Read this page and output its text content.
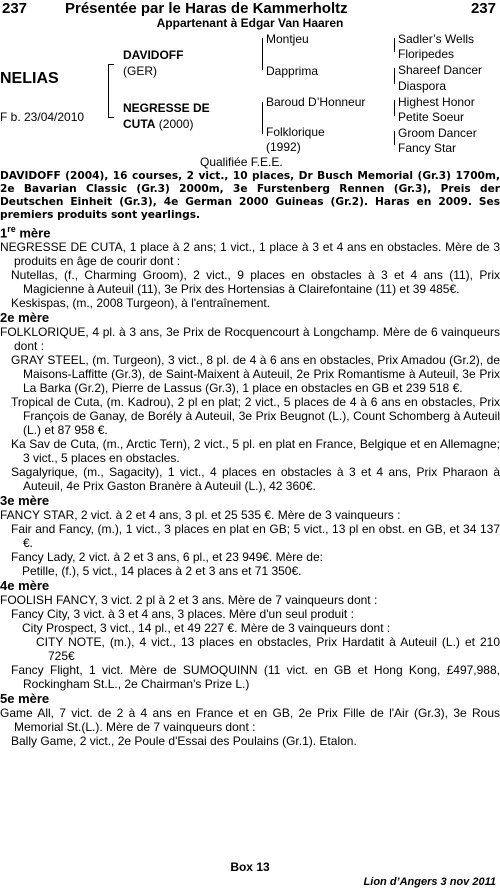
237	Présentée par le Haras de Kammerholtz	237
Appartenant à Edgar Van Haaren
NELIAS
F b. 23/04/2010
DAVIDOFF
(GER)
NEGRESSE DE
CUTA (2000)
Montjeu
Dapprima
Baroud D’Honneur
Folklorique
(1992)
Sadler’s Wells
Floripedes
Shareef Dancer
Diaspora
Highest Honor
Petite Soeur
Groom Dancer
Fancy Star
Qualifiée F.E.E.

DAVIDOFF (2004), 16 courses, 2 vict., 10 places, Dr Busch Memorial (Gr.3) 1700m, 2e Bavarian Classic (Gr.3) 2000m, 3e Furstenberg Rennen (Gr.3), Preis der Deutschen Einheit (Gr.3), 4e German 2000 Guineas (Gr.2). Haras en 2009. Ses premiers produits sont yearlings.

1re mère

NEGRESSE DE CUTA, 1 place à 2 ans; 1 vict., 1 place à 3 et 4 ans en obstacles. Mère de 3 produits en âge de courir dont :

Nutellas, (f., Charming Groom), 2 vict., 9 places en obstacles à 3 et 4 ans (11), Prix Magicienne à Auteuil (11), 3e Prix des Hortensias à Clairefontaine (11) et 39 485€.

Keskispas, (m., 2008 Turgeon), à l'entraînement.

2e mère

FOLKLORIQUE, 4 pl. à 3 ans, 3e Prix de Rocquencourt à Longchamp. Mère de 6 vainqueurs dont :

GRAY STEEL, (m. Turgeon), 3 vict., 8 pl. de 4 à 6 ans en obstacles, Prix Amadou (Gr.2), de Maisons-Laffitte (Gr.3), de Saint-Maixent à Auteuil, 2e Prix Romantisme à Auteuil, 3e Prix La Barka (Gr.2), Pierre de Lassus (Gr.3), 1 place en obstacles en GB et 239 518 €.

Tropical de Cuta, (m. Kadrou), 2 pl en plat; 2 vict., 5 places de 4 à 6 ans en obstacles, Prix François de Ganay, de Borély à Auteuil, 3e Prix Beugnot (L.), Count Schomberg à Auteuil (L.) et 87 958 €.

Ka Sav de Cuta, (m., Arctic Tern), 2 vict., 5 pl. en plat en France, Belgique et en Allemagne; 3 vict., 5 places en obstacles.

Sagalyrique, (m., Sagacity), 1 vict., 4 places en obstacles à 3 et 4 ans, Prix Pharaon à Auteuil, 4e Prix Gaston Branère à Auteuil (L.), 42 360€.

3e mère

FANCY STAR, 2 vict. à 2 et 4 ans, 3 pl. et 25 535 €. Mère de 3 vainqueurs :

Fair and Fancy, (m.), 1 vict., 3 places en plat en GB; 5 vict., 13 pl en obst. en GB, et 34 137 €.

Fancy Lady, 2 vict. à 2 et 3 ans, 6 pl., et 23 949€. Mère de:

Petille, (f.), 5 vict., 14 places à 2 et 3 ans et 71 350€.

4e mère

FOOLISH FANCY, 3 vict. 2 pl à 2 et 3 ans. Mère de 7 vainqueurs dont :

Fancy City, 3 vict. à 3 et 4 ans, 3 places. Mère d'un seul produit :

City Prospect, 3 vict., 14 pl., et 49 227 €. Mère de 3 vainqueurs dont :

CITY NOTE, (m.), 4 vict., 13 places en obstacles, Prix Hardatit à Auteuil (L.) et 210 725€

Fancy Flight, 1 vict. Mère de SUMOQUINN (11 vict. en GB et Hong Kong, £497,988, Rockingham St.L., 2e Chairman's Prize L.)

5e mère

Game All, 7 vict. de 2 à 4 ans en France et en GB, 2e Prix Fille de l'Air (Gr.3), 3e Rous Memorial St.(L.). Mère de 7 vainqueurs dont :

Bally Game, 2 vict., 2e Poule d'Essai des Poulains (Gr.1). Etalon.

Box 13
Lion d’Angers 3 nov 2011
